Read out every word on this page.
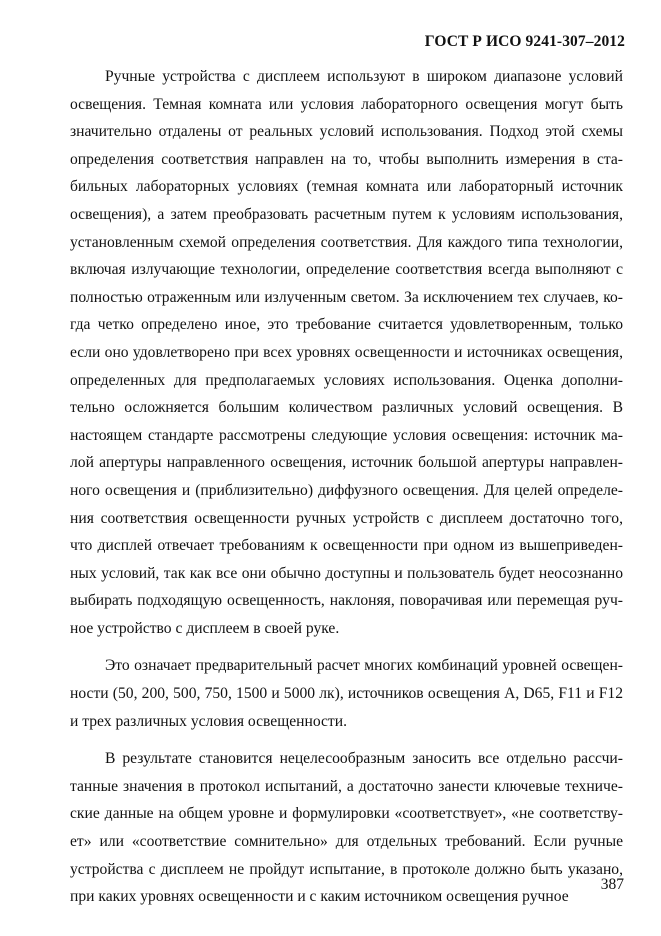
ГОСТ Р ИСО 9241-307–2012

Ручные устройства с дисплеем используют в широком диапазоне условий освещения. Темная комната или условия лабораторного освещения могут быть значительно отдалены от реальных условий использования. Подход этой схемы определения соответствия направлен на то, чтобы выполнить измерения в стабильных лабораторных условиях (темная комната или лабораторный источник освещения), а затем преобразовать расчетным путем к условиям использования, установленным схемой определения соответствия. Для каждого типа технологии, включая излучающие технологии, определение соответствия всегда выполняют с полностью отраженным или излученным светом. За исключением тех случаев, когда четко определено иное, это требование считается удовлетворенным, только если оно удовлетворено при всех уровнях освещенности и источниках освещения, определенных для предполагаемых условиях использования. Оценка дополнительно осложняется большим количеством различных условий освещения. В настоящем стандарте рассмотрены следующие условия освещения: источник малой апертуры направленного освещения, источник большой апертуры направленного освещения и (приблизительно) диффузного освещения. Для целей определения соответствия освещенности ручных устройств с дисплеем достаточно того, что дисплей отвечает требованиям к освещенности при одном из вышеприведенных условий, так как все они обычно доступны и пользователь будет неосознанно выбирать подходящую освещенность, наклоняя, поворачивая или перемещая ручное устройство с дисплеем в своей руке.

Это означает предварительный расчет многих комбинаций уровней освещенности (50, 200, 500, 750, 1500 и 5000 лк), источников освещения А, D65, F11 и F12 и трех различных условия освещенности.

В результате становится нецелесообразным заносить все отдельно рассчитанные значения в протокол испытаний, а достаточно занести ключевые технические данные на общем уровне и формулировки «соответствует», «не соответствует» или «соответствие сомнительно» для отдельных требований. Если ручные устройства с дисплеем не пройдут испытание, в протоколе должно быть указано, при каких уровнях освещенности и с каким источником освещения ручное

387
